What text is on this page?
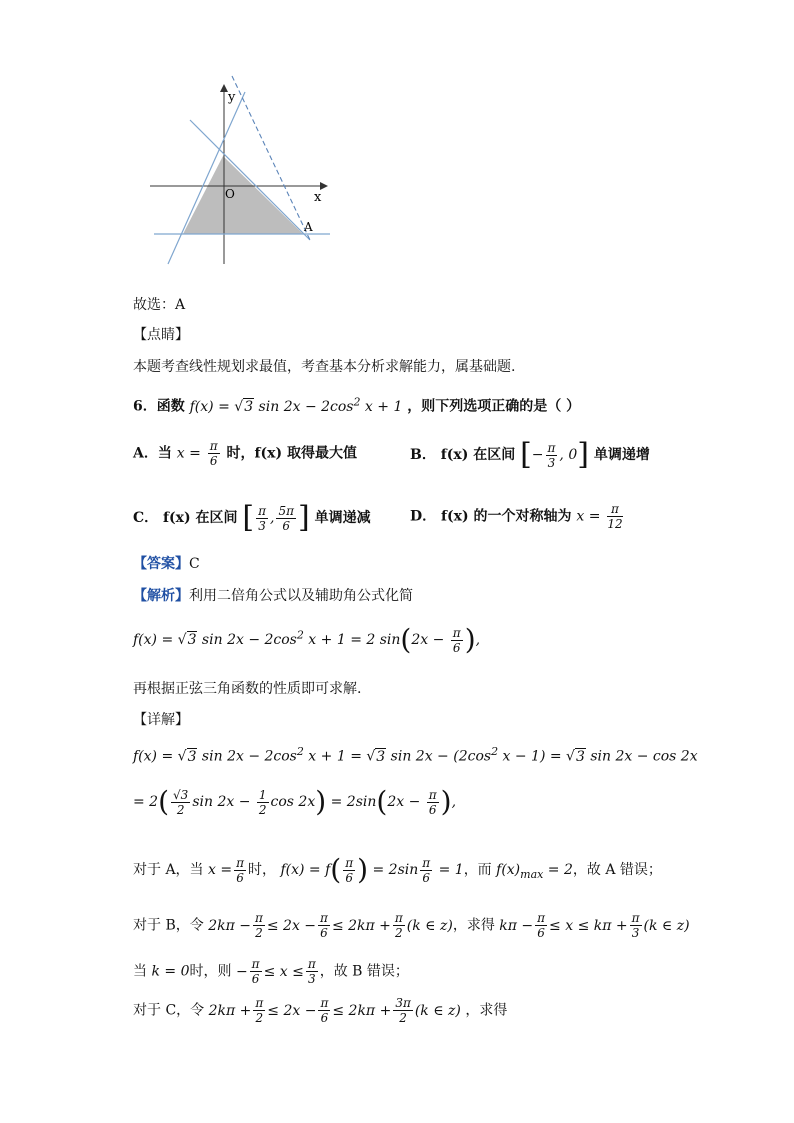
y
x
O
A
故选：A
【点睛】
本题考查线性规划求最值，考查基本分析求解能力，属基础题.
6．函数 f(x) = √3 $\sin 2x - 2\cos^2$ x + 1 ，则下列选项正确的是（ ）
A．当 $x = \frac{\pi}{6}$ 时，f(x) 取得最大值	B． f(x) 在区间 [− $\frac{\pi}{3}$ , 0] 单调递增
C． f(x) 在区间 [ $\frac{\pi}{3}$ , $\frac{5\pi}{6}$ ] 单调递减	D． f(x) 的一个对称轴为 $x = \frac{\pi}{12}$
【答案】C
【解析】利用二倍角公式以及辅助角公式化简
f(x) = √3 $\sin 2x - 2\cos^2$ x + 1 = 2 $\sin(2x - \frac{\pi}{6}$ ),
再根据正弦三角函数的性质即可求解.
【详解】
f(x) = √3 $\sin 2x - 2\cos^2$ x + 1 = √3 $\sin 2x - (2\cos^2$ x − 1) = √3 sin 2x − cos 2x
= $2( \frac{√3}{2}$ $\sin 2x - \frac{1}{2}$ $\cos 2x) = 2\sin(2x - \frac{\pi}{6}$ ),
对于 A，当 $x = \frac{\pi}{6}$ 时， $f(x) = f( \frac{\pi}{6}$ ) = $2\sin \frac{\pi}{6} = 1$，而 $f(x)_{max} = 2$，故 A 错误；
对于 B，令 $2k\pi - \frac{\pi}{2} \le 2x - \frac{\pi}{6} \le 2k\pi + \frac{\pi}{2} (k$ ∈ z)，求得 $k\pi - \frac{\pi}{6} \le x \le k\pi + \frac{\pi}{3} (k$ ∈ z)
当 k = 0时，则 − $\frac{\pi}{6} \le x \le \frac{\pi}{3}$ ，故 B 错误；
对于 C，令 $2k\pi + \frac{\pi}{2} \le 2x - \frac{\pi}{6} \le 2k\pi + \frac{3\pi}{2} (k$ ∈ z) ，求得
